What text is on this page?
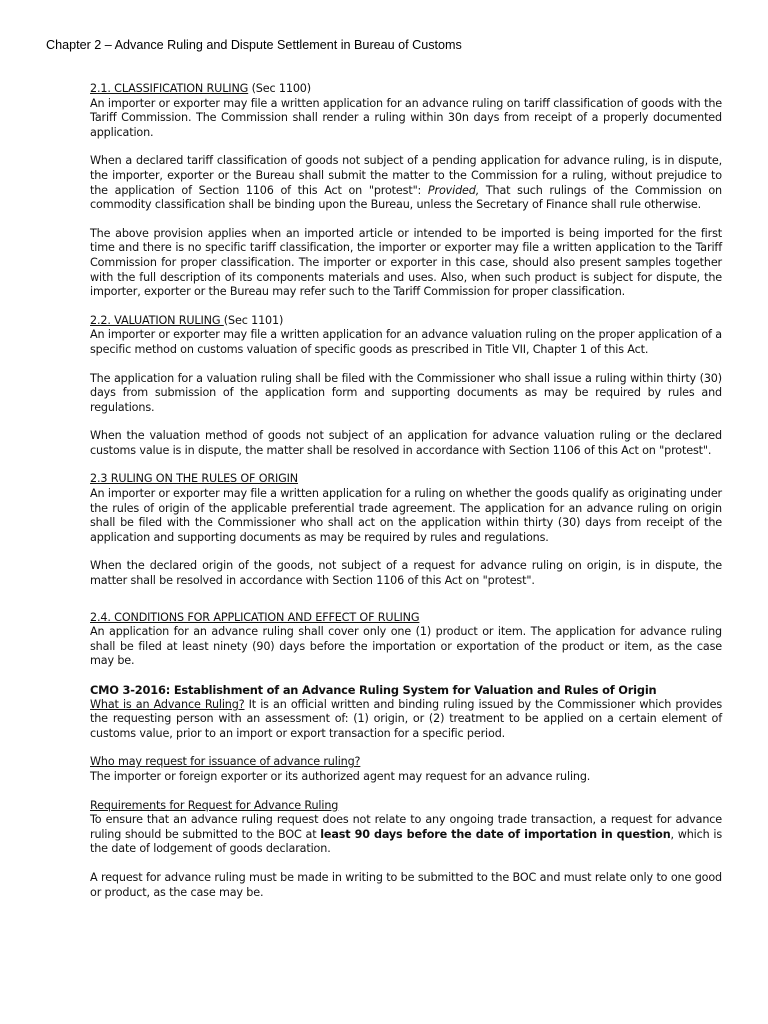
Chapter 2 – Advance Ruling and Dispute Settlement in Bureau of Customs
2.1. CLASSIFICATION RULING (Sec 1100)

An importer or exporter may file a written application for an advance ruling on tariff classification of goods with the Tariff Commission. The Commission shall render a ruling within 30n days from receipt of a properly documented application.

When a declared tariff classification of goods not subject of a pending application for advance ruling, is in dispute, the importer, exporter or the Bureau shall submit the matter to the Commission for a ruling, without prejudice to the application of Section 1106 of this Act on "protest": Provided, That such rulings of the Commission on commodity classification shall be binding upon the Bureau, unless the Secretary of Finance shall rule otherwise.

The above provision applies when an imported article or intended to be imported is being imported for the first time and there is no specific tariff classification, the importer or exporter may file a written application to the Tariff Commission for proper classification. The importer or exporter in this case, should also present samples together with the full description of its components materials and uses. Also, when such product is subject for dispute, the importer, exporter or the Bureau may refer such to the Tariff Commission for proper classification.

2.2. VALUATION RULING (Sec 1101)

An importer or exporter may file a written application for an advance valuation ruling on the proper application of a specific method on customs valuation of specific goods as prescribed in Title VII, Chapter 1 of this Act.

The application for a valuation ruling shall be filed with the Commissioner who shall issue a ruling within thirty (30) days from submission of the application form and supporting documents as may be required by rules and regulations.

When the valuation method of goods not subject of an application for advance valuation ruling or the declared customs value is in dispute, the matter shall be resolved in accordance with Section 1106 of this Act on "protest".

2.3 RULING ON THE RULES OF ORIGIN

An importer or exporter may file a written application for a ruling on whether the goods qualify as originating under the rules of origin of the applicable preferential trade agreement. The application for an advance ruling on origin shall be filed with the Commissioner who shall act on the application within thirty (30) days from receipt of the application and supporting documents as may be required by rules and regulations.

When the declared origin of the goods, not subject of a request for advance ruling on origin, is in dispute, the matter shall be resolved in accordance with Section 1106 of this Act on "protest".

2.4. CONDITIONS FOR APPLICATION AND EFFECT OF RULING

An application for an advance ruling shall cover only one (1) product or item. The application for advance ruling shall be filed at least ninety (90) days before the importation or exportation of the product or item, as the case may be.

CMO 3-2016: Establishment of an Advance Ruling System for Valuation and Rules of Origin

What is an Advance Ruling? It is an official written and binding ruling issued by the Commissioner which provides the requesting person with an assessment of: (1) origin, or (2) treatment to be applied on a certain element of customs value, prior to an import or export transaction for a specific period.

Who may request for issuance of advance ruling?

The importer or foreign exporter or its authorized agent may request for an advance ruling.

Requirements for Request for Advance Ruling

To ensure that an advance ruling request does not relate to any ongoing trade transaction, a request for advance ruling should be submitted to the BOC at least 90 days before the date of importation in question, which is the date of lodgement of goods declaration.

A request for advance ruling must be made in writing to be submitted to the BOC and must relate only to one good or product, as the case may be.
